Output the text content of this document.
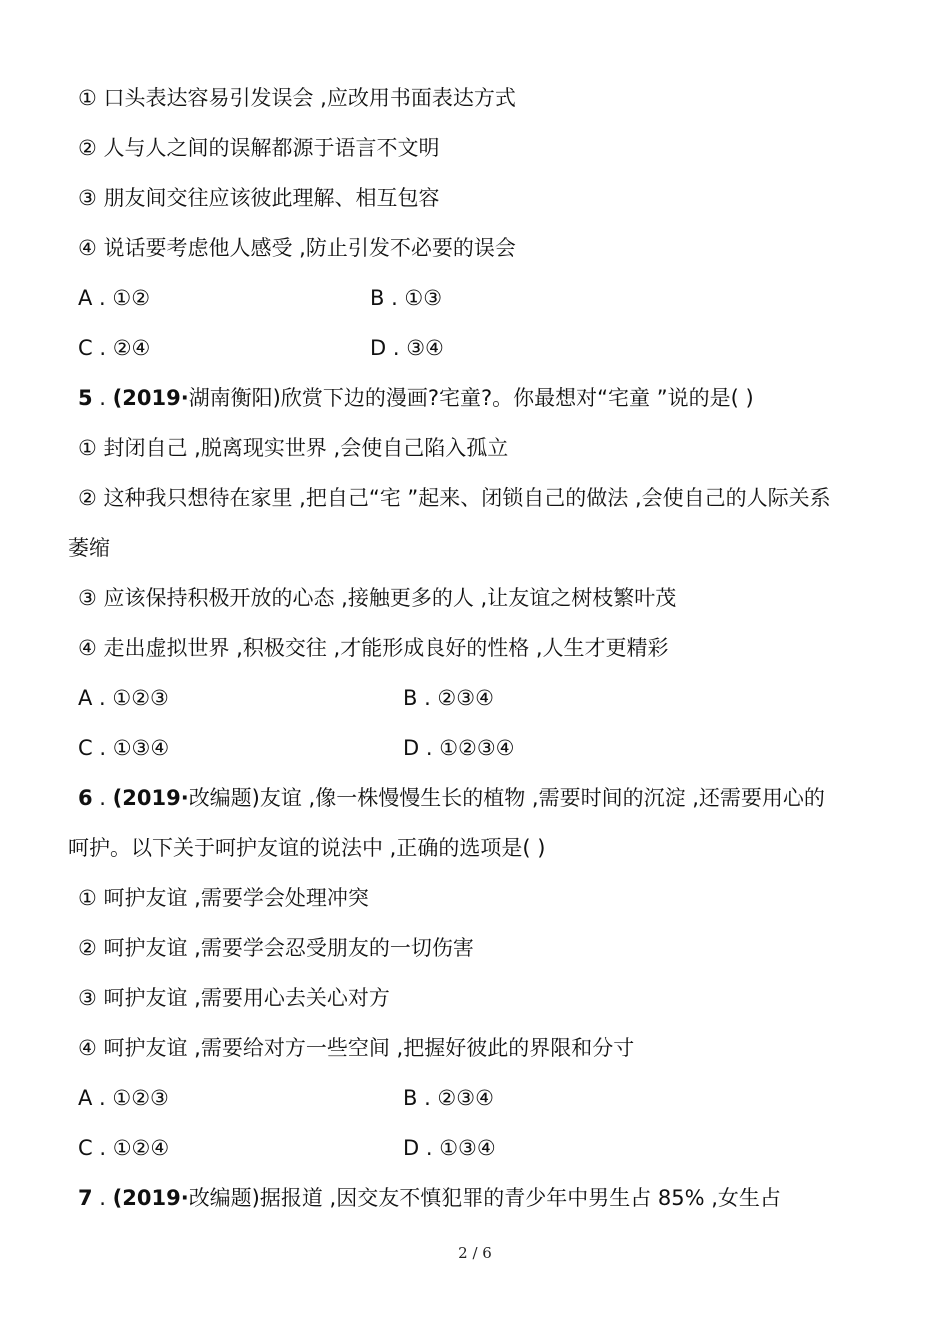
① 口头表达容易引发误会 ,应改用书面表达方式
② 人与人之间的误解都源于语言不文明
③ 朋友间交往应该彼此理解、相互包容
④ 说话要考虑他人感受 ,防止引发不必要的误会
A . ①②	B . ①③
C . ②④	D . ③④
5 . (2019·湖南衡阳)欣赏下边的漫画?宅童?。你最想对“宅童 ”说的是( )
① 封闭自己 ,脱离现实世界 ,会使自己陷入孤立
② 这种我只想待在家里 ,把自己“宅 ”起来、闭锁自己的做法 ,会使自己的人际关系
萎缩
③ 应该保持积极开放的心态 ,接触更多的人 ,让友谊之树枝繁叶茂
④ 走出虚拟世界 ,积极交往 ,才能形成良好的性格 ,人生才更精彩
A . ①②③	B . ②③④
C . ①③④	D . ①②③④
6 . (2019·改编题)友谊 ,像一株慢慢生长的植物 ,需要时间的沉淀 ,还需要用心的
呵护。以下关于呵护友谊的说法中 ,正确的选项是( )
① 呵护友谊 ,需要学会处理冲突
② 呵护友谊 ,需要学会忍受朋友的一切伤害
③ 呵护友谊 ,需要用心去关心对方
④ 呵护友谊 ,需要给对方一些空间 ,把握好彼此的界限和分寸
A . ①②③	B . ②③④
C . ①②④	D . ①③④
7 . (2019·改编题)据报道 ,因交友不慎犯罪的青少年中男生占 85% ,女生占
2 / 6
